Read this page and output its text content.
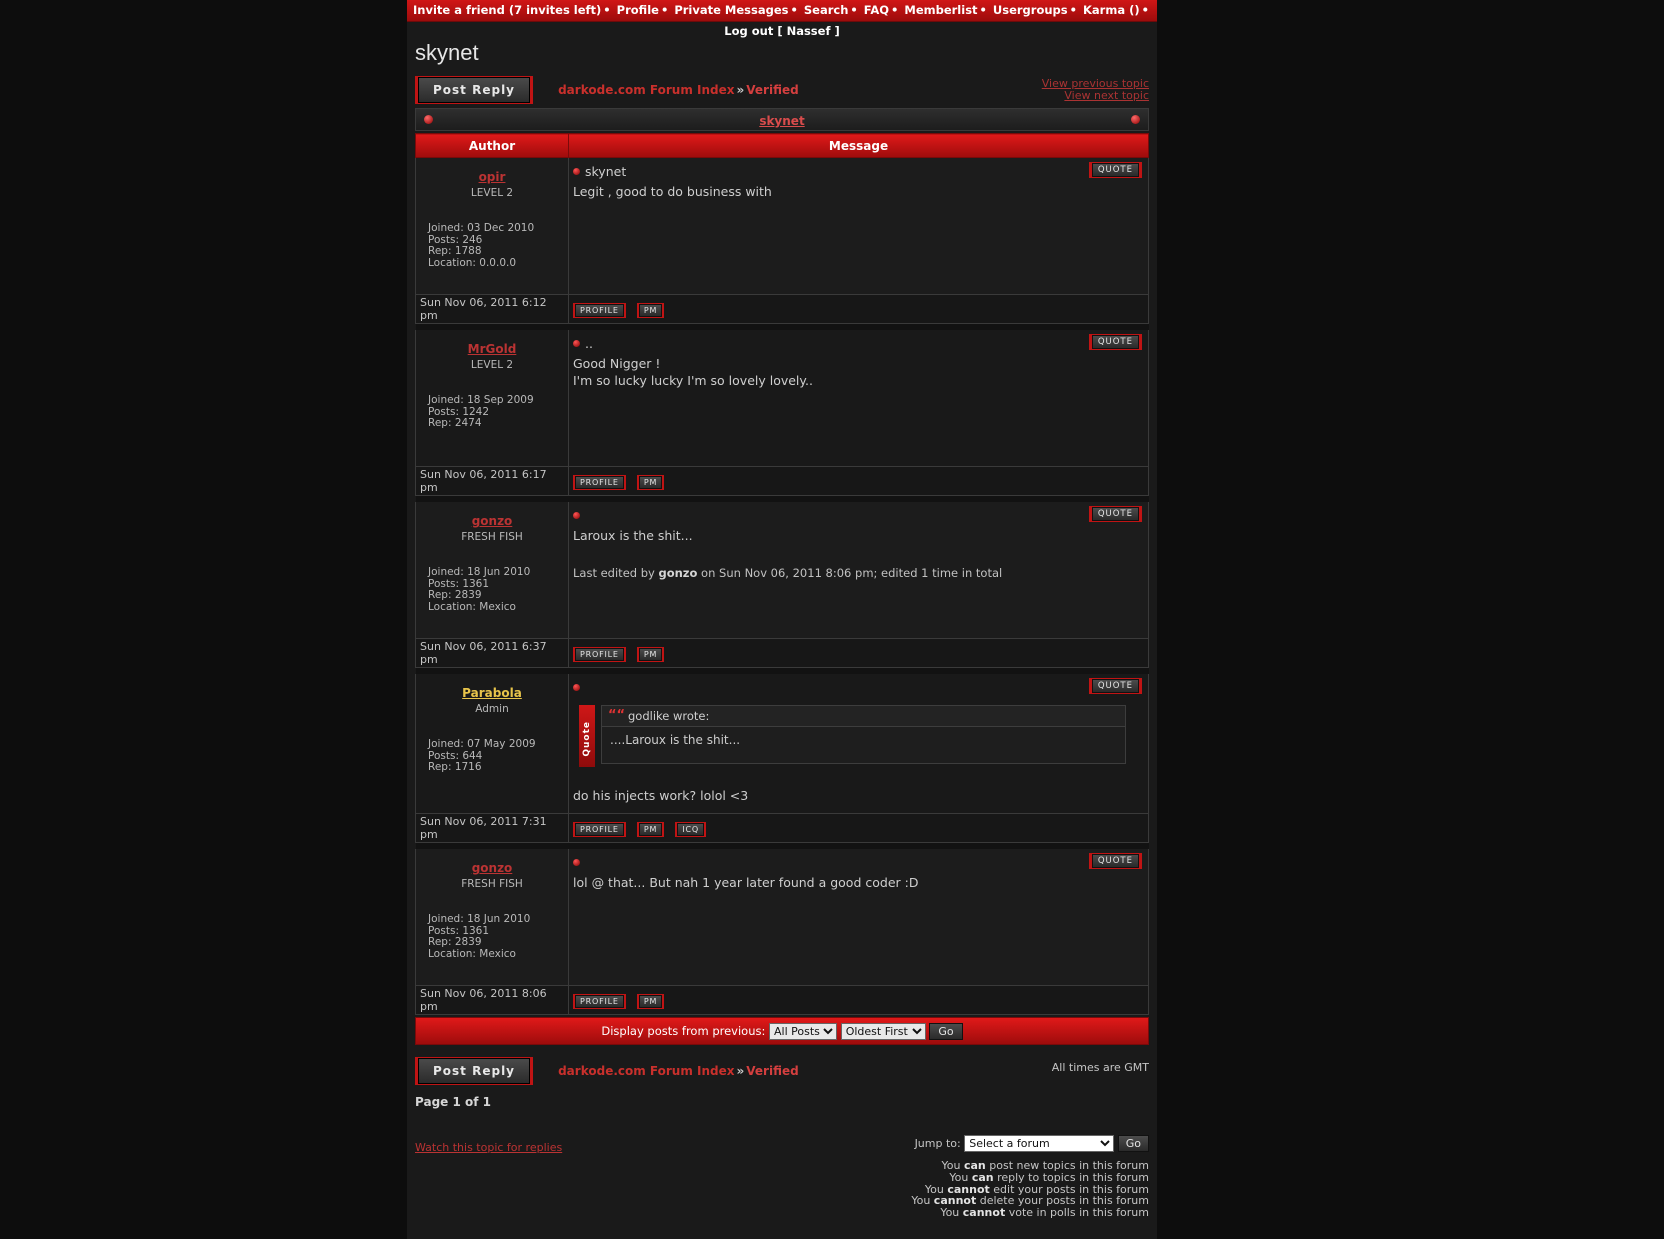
Invite a friend (7 invites left) • Profile • Private Messages • Search • FAQ • Memberlist • Usergroups • Karma () • Log out [ Nassef ]
skynet
Post Reply	darkode.com Forum Index » Verified	View previous topic
View next topic
skynet
Author	Message
opir
LEVEL 2
Joined: 03 Dec 2010
Posts: 246
Rep: 1788
Location: 0.0.0.0

QUOTE
skynet
Legit , good to do business with

Sun Nov 06, 2011 6:12 pm	PROFILE
PM

MrGold
LEVEL 2
Joined: 18 Sep 2009
Posts: 1242
Rep: 2474

QUOTE
..
Good Nigger !
I'm so lucky lucky I'm so lovely lovely..

Sun Nov 06, 2011 6:17 pm	PROFILE
PM

gonzo
FRESH FISH
Joined: 18 Jun 2010
Posts: 1361
Rep: 2839
Location: Mexico

QUOTE
Laroux is the shit...
Last edited by gonzo on Sun Nov 06, 2011 8:06 pm; edited 1 time in total

Sun Nov 06, 2011 6:37 pm	PROFILE
PM

Parabola
Admin
Joined: 07 May 2009
Posts: 644
Rep: 1716

QUOTE
Quote
““ godlike wrote:
....Laroux is the shit...
do his injects work? lolol <3

Sun Nov 06, 2011 7:31 pm	PROFILE
PM
ICQ

gonzo
FRESH FISH
Joined: 18 Jun 2010
Posts: 1361
Rep: 2839
Location: Mexico

QUOTE
lol @ that... But nah 1 year later found a good coder :D

Sun Nov 06, 2011 8:06 pm	PROFILE
PM
Display posts from previous:
All Posts
Oldest First	Go
Post Reply	darkode.com Forum Index » Verified	All times are GMT
Page 1 of 1
Watch this topic for replies	Jump to:
Select a forum	Go
You can post new topics in this forum
You can reply to topics in this forum
You cannot edit your posts in this forum
You cannot delete your posts in this forum
You cannot vote in polls in this forum
